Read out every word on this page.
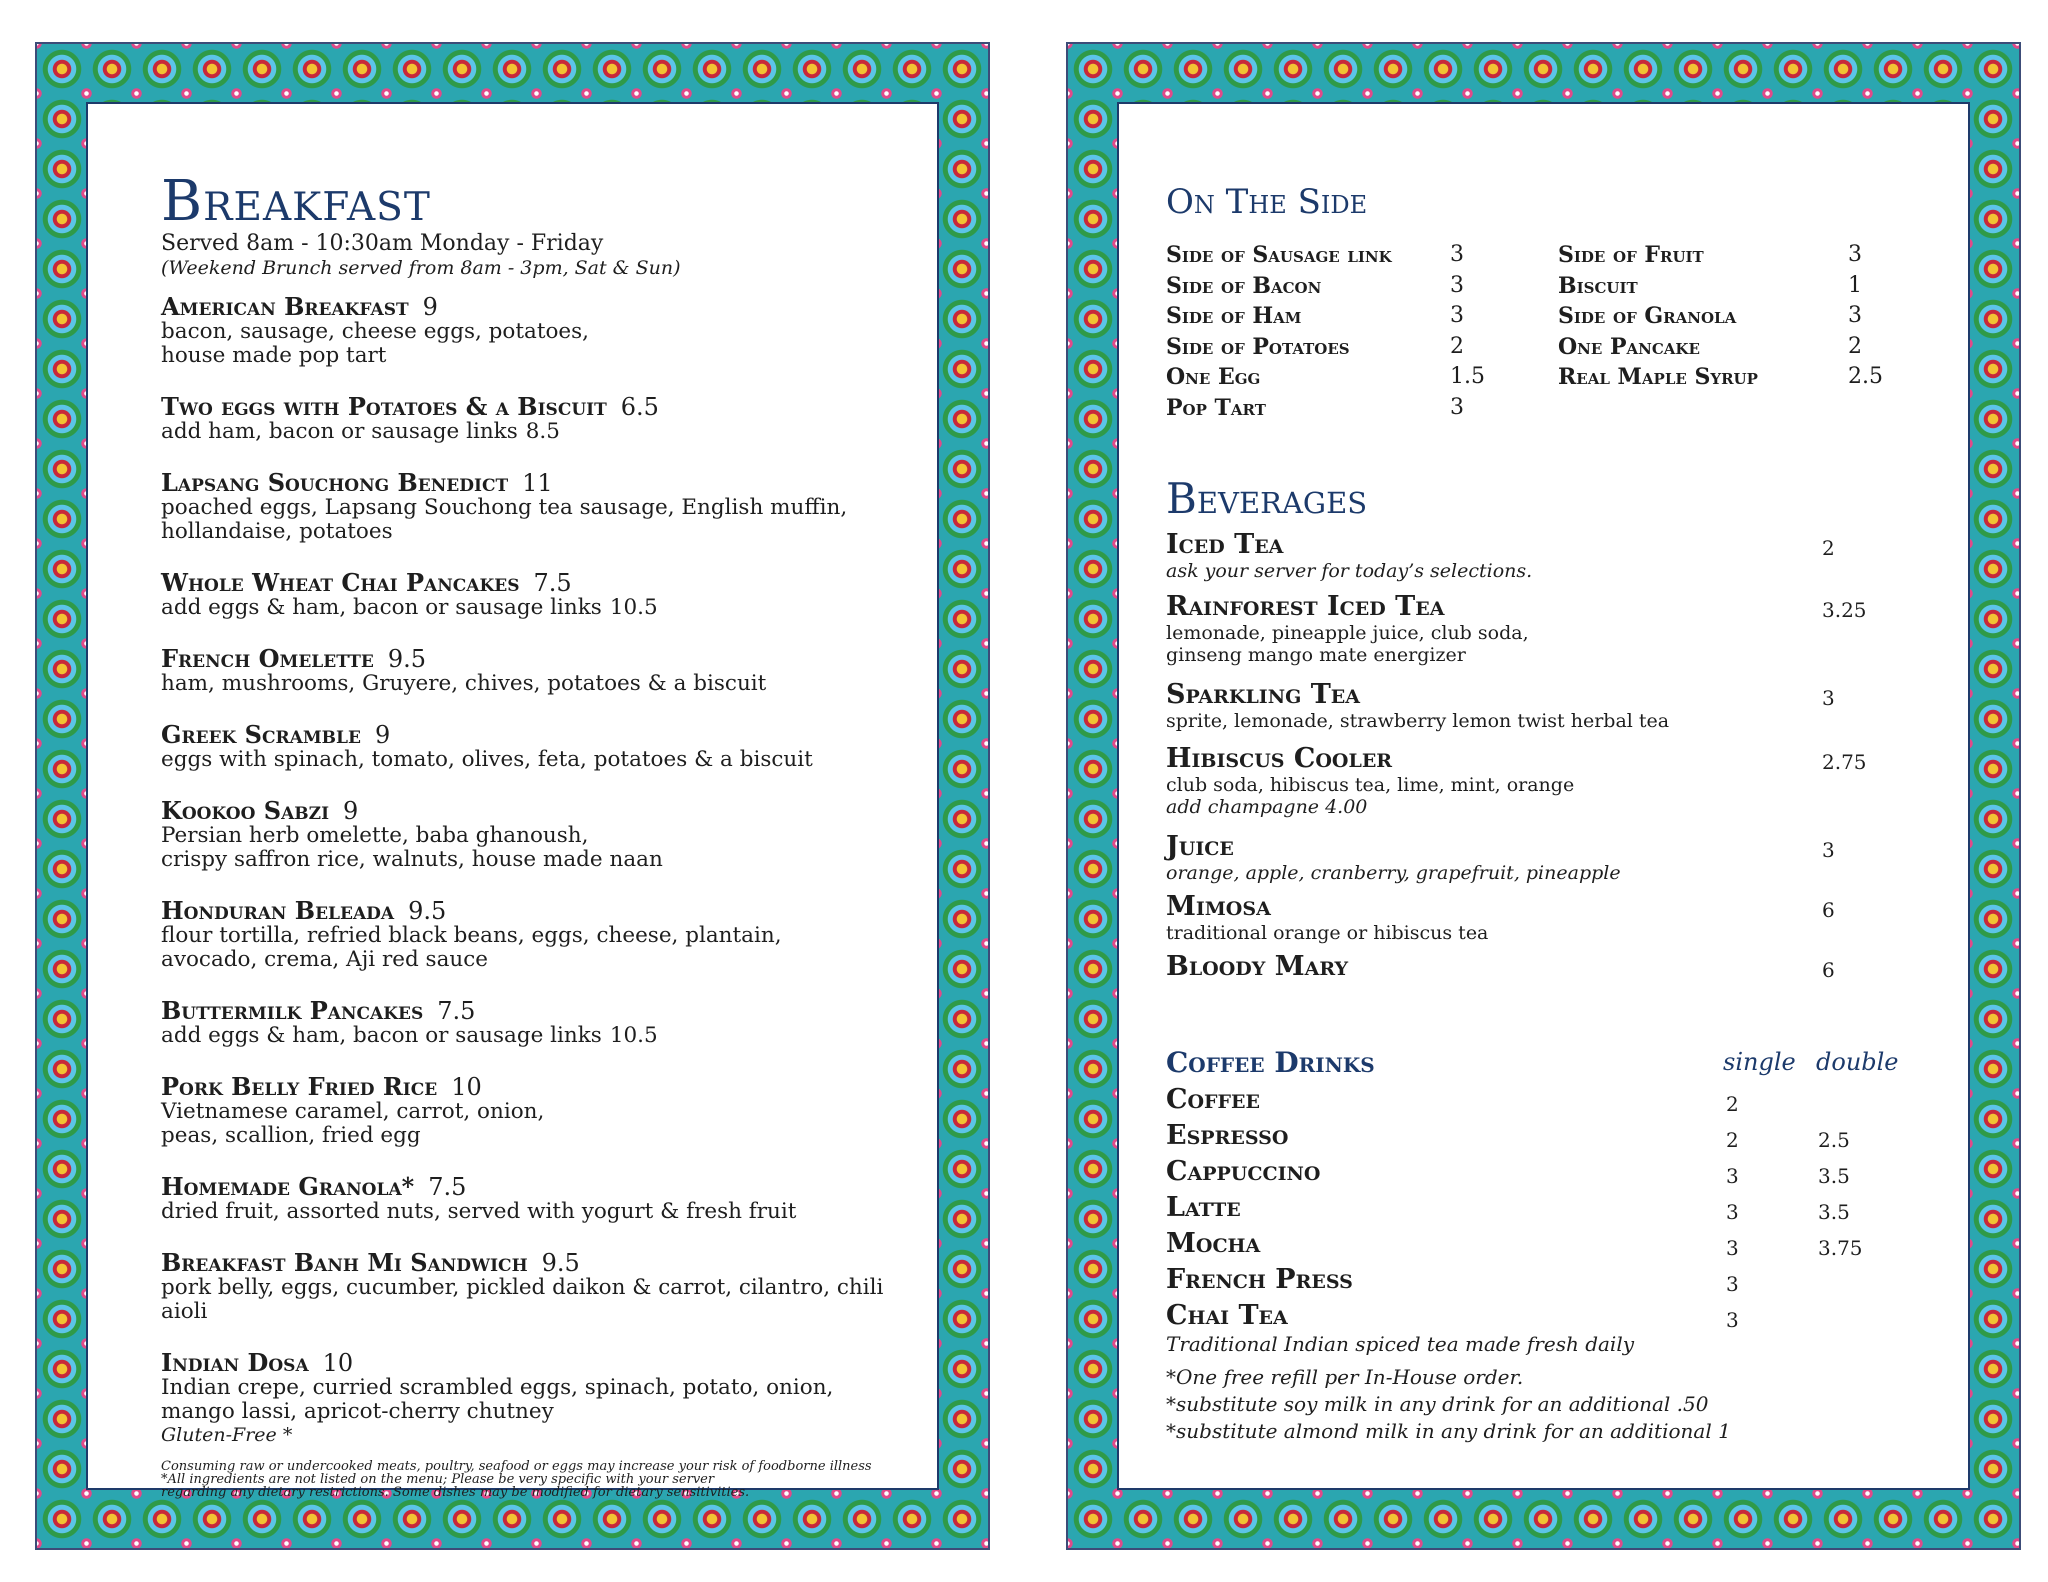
Breakfast
Served 8am - 10:30am Monday - Friday
(Weekend Brunch served from 8am - 3pm, Sat & Sun)
American Breakfast 9
bacon, sausage, cheese eggs, potatoes,
house made pop tart
Two eggs with Potatoes & a Biscuit 6.5
add ham, bacon or sausage links 8.5
Lapsang Souchong Benedict 11
poached eggs, Lapsang Souchong tea sausage, English muffin,
hollandaise, potatoes
Whole Wheat Chai Pancakes 7.5
add eggs & ham, bacon or sausage links 10.5
French Omelette 9.5
ham, mushrooms, Gruyere, chives, potatoes & a biscuit
Greek Scramble 9
eggs with spinach, tomato, olives, feta, potatoes & a biscuit
Kookoo Sabzi 9
Persian herb omelette, baba ghanoush,
crispy saffron rice, walnuts, house made naan
Honduran Beleada 9.5
flour tortilla, refried black beans, eggs, cheese, plantain,
avocado, crema, Aji red sauce
Buttermilk Pancakes 7.5
add eggs & ham, bacon or sausage links 10.5
Pork Belly Fried Rice 10
Vietnamese caramel, carrot, onion,
peas, scallion, fried egg
Homemade Granola* 7.5
dried fruit, assorted nuts, served with yogurt & fresh fruit
Breakfast Banh Mi Sandwich 9.5
pork belly, eggs, cucumber, pickled daikon & carrot, cilantro, chili aioli
Indian Dosa 10
Indian crepe, curried scrambled eggs, spinach, potato, onion,
mango lassi, apricot-cherry chutney
Gluten-Free *
Consuming raw or undercooked meats, poultry, seafood or eggs may increase your risk of foodborne illness
*All ingredients are not listed on the menu; Please be very specific with your server
regarding any dietary restrictions. Some dishes may be modified for dietary sensitivities.
On The Side
Side of Sausage link	3
Side of Bacon	3
Side of Ham	3
Side of Potatoes	2
One Egg	1.5
Pop Tart	3
Side of Fruit	3
Biscuit	1
Side of Granola	3
One Pancake	2
Real Maple Syrup	2.5
Beverages
Iced Tea	2
ask your server for today’s selections.
Rainforest Iced Tea	3.25
lemonade, pineapple juice, club soda,
ginseng mango mate energizer
Sparkling Tea	3
sprite, lemonade, strawberry lemon twist herbal tea
Hibiscus Cooler	2.75
club soda, hibiscus tea, lime, mint, orange
add champagne 4.00
Juice	3
orange, apple, cranberry, grapefruit, pineapple
Mimosa	6
traditional orange or hibiscus tea
Bloody Mary	6
Coffee Drinks	single double
Coffee	2
Espresso	2	2.5
Cappuccino	3	3.5
Latte	3	3.5
Mocha	3	3.75
French Press	3
Chai Tea	3
Traditional Indian spiced tea made fresh daily
*One free refill per In-House order.
*substitute soy milk in any drink for an additional .50
*substitute almond milk in any drink for an additional 1
